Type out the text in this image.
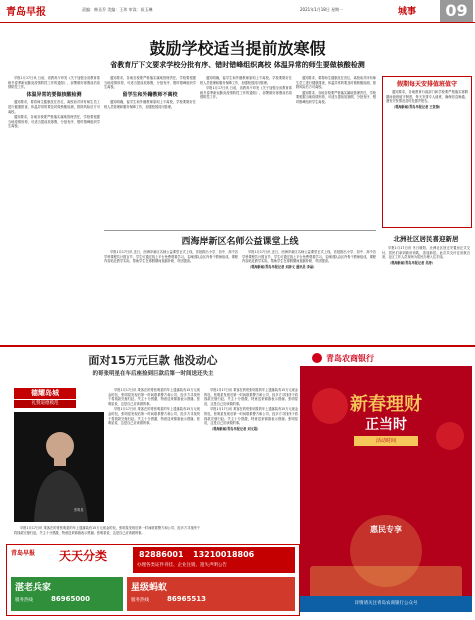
青岛早报	责编：韩圣乔 美编：王玮 审读：侯玉琳	2021年1月18日 星期一	城事	09
鼓励学校适当提前放寒假
省教育厅下文要求学校分批有序、错时错峰组织离校 体温异常的师生要做核酸检测

早报1月17日讯 日前，省教育厅印发《关于加强全省教育系统冬春季新冠肺炎疫情防控工作的通知》，部署做好寒假前后疫情防控工作。

体温异常的要做核酸检测

通知要求，要将师生健康放在首位，离校前对所有师生员工进行健康排查，体温异常的要及时做核酸检测，排除风险后方可离校。

通知要求，各地各校要严格落实属地管理责任，学校要根据当地疫情形势，可适当提前放寒假，分批有序、错时错峰组织学生离校。

通知要求，各地各校要严格落实属地管理责任，学校要根据当地疫情形势，可适当提前放寒假，分批有序、错时错峰组织学生离校。

留学生和外籍教师不离校

通知明确，留学生和外籍教师原则上不离校，学校要做好在校人员管理和服务保障工作，加强校园封闭管理。

通知明确，留学生和外籍教师原则上不离校，学校要做好在校人员管理和服务保障工作，加强校园封闭管理。

早报1月17日讯 日前，省教育厅印发《关于加强全省教育系统冬春季新冠肺炎疫情防控工作的通知》，部署做好寒假前后疫情防控工作。

通知要求，要将师生健康放在首位，离校前对所有师生员工进行健康排查，体温异常的要及时做核酸检测，排除风险后方可离校。

通知要求，各地各校要严格落实属地管理责任，学校要根据当地疫情形势，可适当提前放寒假，分批有序、错时错峰组织学生离校。

假期每天安排值班值守

通知要求，各地教育行政部门和学校要严格落实寒假期间值班值守制度，每天安排专人值班，确保信息畅通，遇有突发情况及时处置并报告。

（观海新闻/青岛早报记者 王世锋）

西海岸新区名师公益课堂上线

早报1月17日讯 近日，西海岸新区名师公益课堂正式上线，首批推出小学、初中、高中各学科课程共计数百节，学生可通过线上平台免费观看学习。名师团队由区内骨干教师组成，课程内容贴近教学实际，帮助学生在寒假期间查漏补缺、巩固提高。

早报1月17日讯 近日，西海岸新区名师公益课堂正式上线，首批推出小学、初中、高中各学科课程共计数百节，学生可通过线上平台免费观看学习。名师团队由区内骨干教师组成，课程内容贴近教学实际，帮助学生在寒假期间查漏补缺、巩固提高。

（观海新闻/青岛早报记者 刘彦文 通讯员 李晶）

北洲社区居民喜迎新居

早报1月17日讯 冬日暖阳，北洲社区回迁安置房正式交付，居民们拿到新房钥匙，喜迎新居。此次共交付住房数百套，社区工作人员现场为居民办理入住手续。

（观海新闻/青岛早报记者 吴涛）

面对15万元巨款 他没动心
的哥张明星在车后座捡到巨款后第一时间送还失主
德耀岛城
礼赞道德模范
张明星

早报1月17日讯 乘客在的哥张明星的车上遗落装有15万元现金的包，张明星发现后第一时间联系警方和公司，经多方寻找终于将钱款完璧归赵。失主十分感激，特意送来锦旗表示感谢。张明星说，这是自己应该做的事。

早报1月17日讯 乘客在的哥张明星的车上遗落装有15万元现金的包，张明星发现后第一时间联系警方和公司，经多方寻找终于将钱款完璧归赵。失主十分感激，特意送来锦旗表示感谢。张明星说，这是自己应该做的事。

早报1月17日讯 乘客在的哥张明星的车上遗落装有15万元现金的包，张明星发现后第一时间联系警方和公司，经多方寻找终于将钱款完璧归赵。失主十分感激，特意送来锦旗表示感谢。张明星说，这是自己应该做的事。

早报1月17日讯 乘客在的哥张明星的车上遗落装有15万元现金的包，张明星发现后第一时间联系警方和公司，经多方寻找终于将钱款完璧归赵。失主十分感激，特意送来锦旗表示感谢。张明星说，这是自己应该做的事。

（观海新闻/青岛早报记者 刘文超）

早报1月17日讯 乘客在的哥张明星的车上遗落装有15万元现金的包，张明星发现后第一时间联系警方和公司，经多方寻找终于将钱款完璧归赵。失主十分感激，特意送来锦旗表示感谢。张明星说，这是自己应该做的事。

青岛农商银行
新春理财
正当时
活动时间
惠民专享
详情请关注青岛农商银行公众号
青岛早报 天天分类	82886001 13210018806
办理各类证件刊挂、企业注销，遗失声明公告
湛老兵家
服务热线	86965000
星级蚂蚁
服务热线	86965513
